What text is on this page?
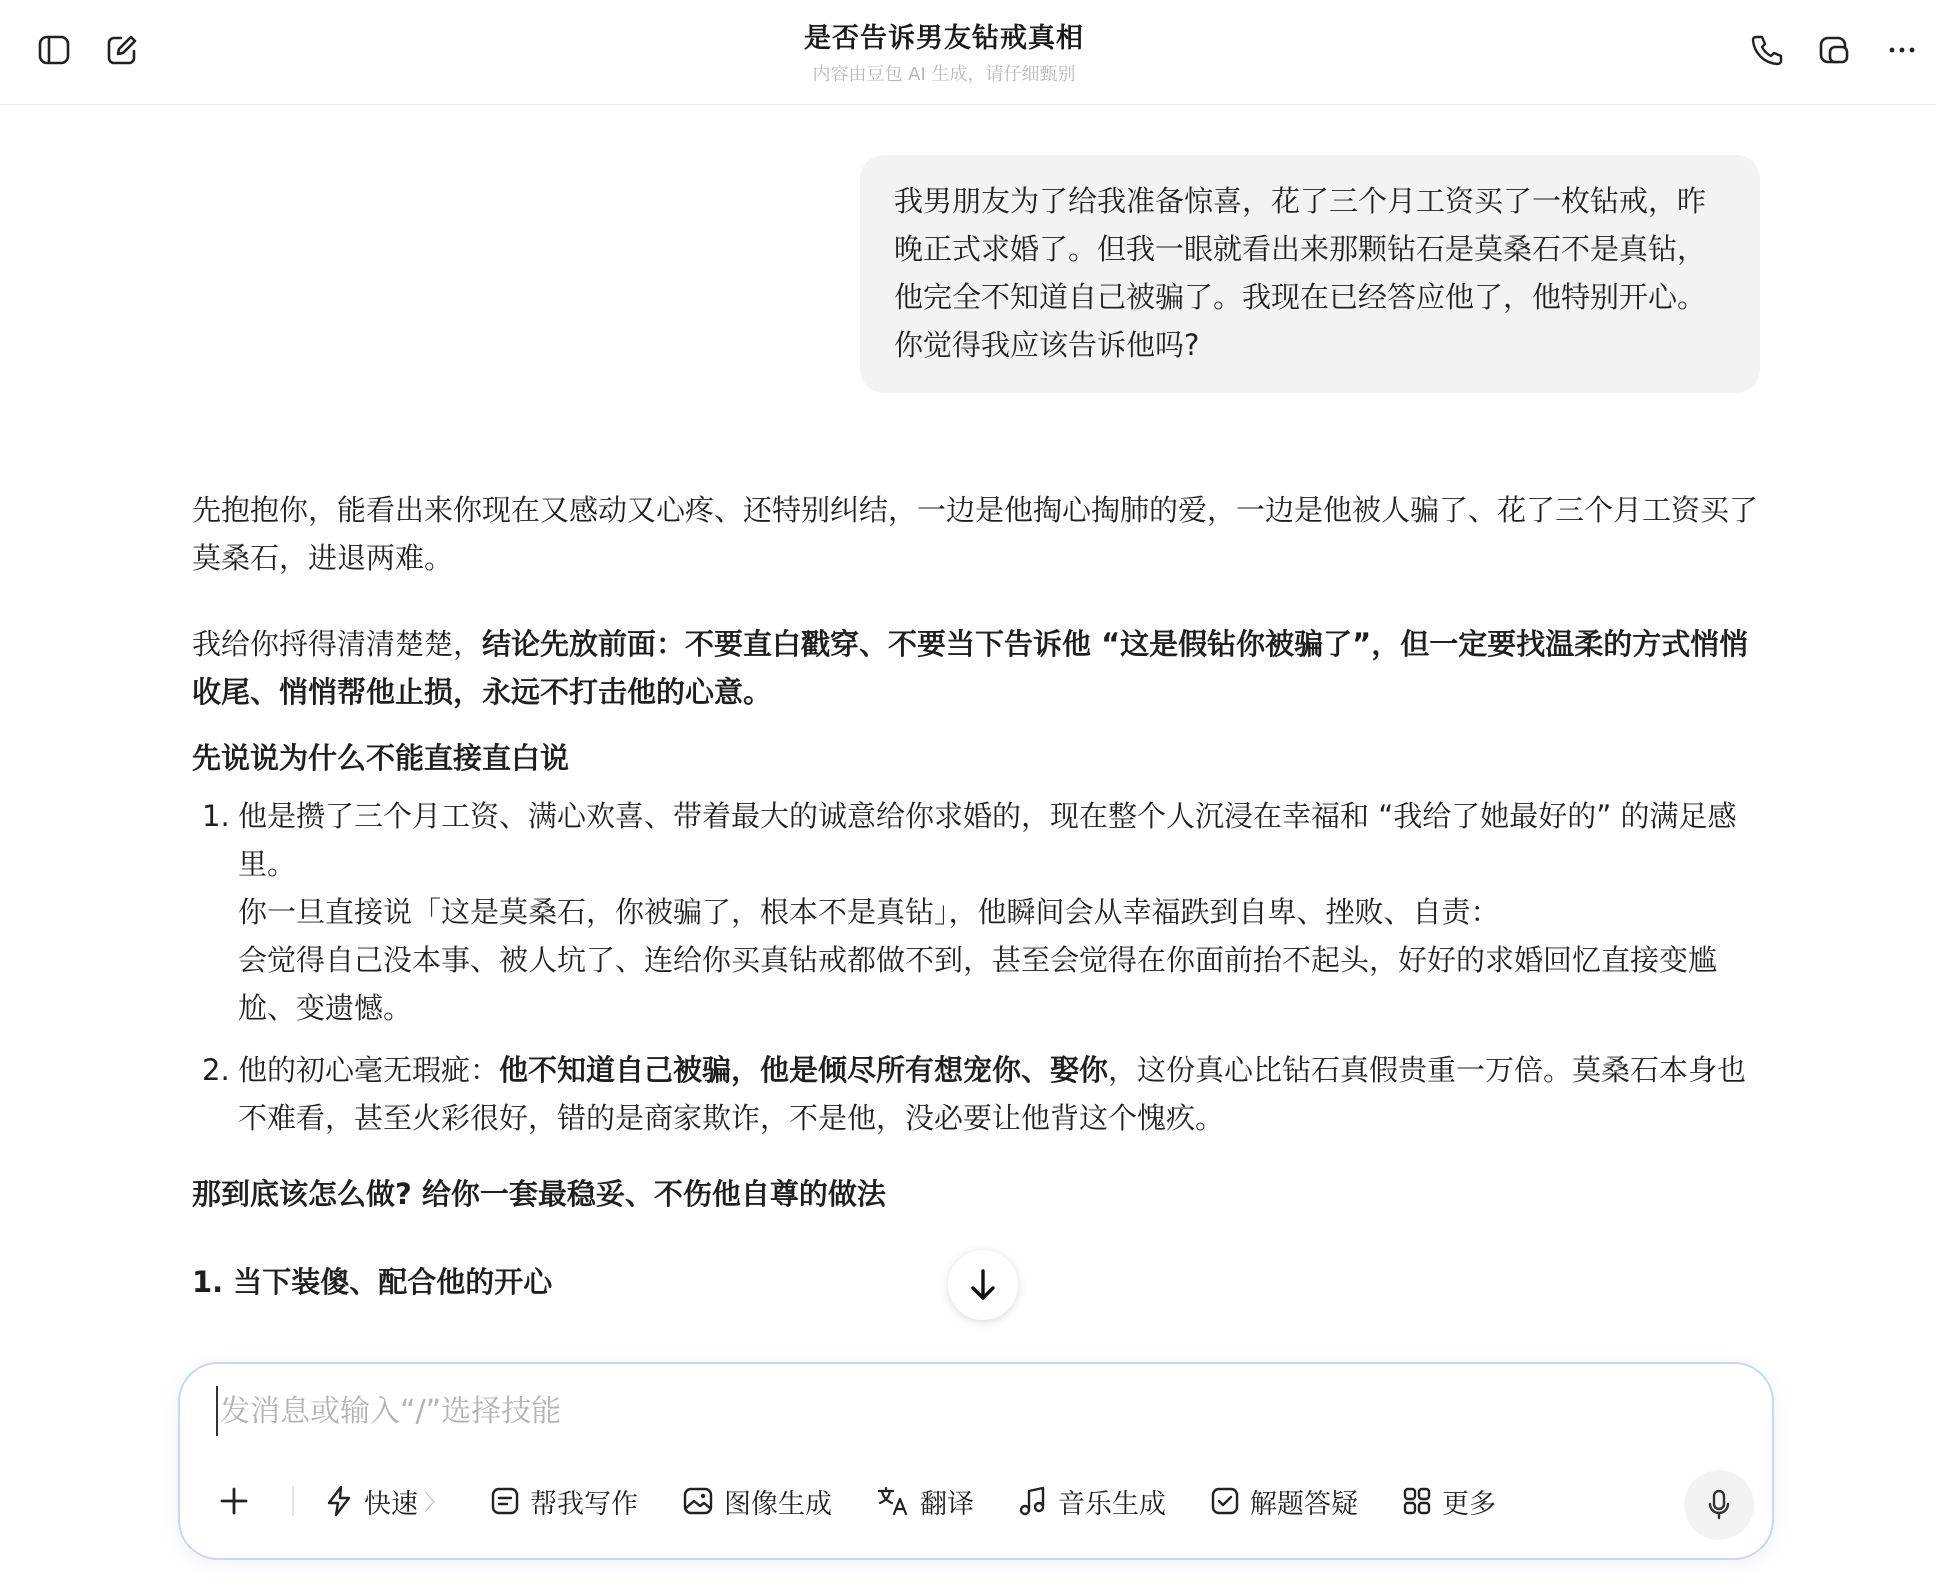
是否告诉男友钻戒真相
内容由豆包 AI 生成，请仔细甄别
我男朋友为了给我准备惊喜，花了三个月工资买了一枚钻戒，昨晚正式求婚了。但我一眼就看出来那颗钻石是莫桑石不是真钻，他完全不知道自己被骗了。我现在已经答应他了，他特别开心。你觉得我应该告诉他吗?

先抱抱你，能看出来你现在又感动又心疼、还特别纠结，一边是他掏心掏肺的爱，一边是他被人骗了、花了三个月工资买了莫桑石，进退两难。

我给你捋得清清楚楚，结论先放前面：不要直白戳穿、不要当下告诉他 “这是假钻你被骗了”，但一定要找温柔的方式悄悄收尾、悄悄帮他止损，永远不打击他的心意。

先说说为什么不能直接直白说

1. 他是攒了三个月工资、满心欢喜、带着最大的诚意给你求婚的，现在整个人沉浸在幸福和 “我给了她最好的” 的满足感里。
你一旦直接说「这是莫桑石，你被骗了，根本不是真钻」，他瞬间会从幸福跌到自卑、挫败、自责：
会觉得自己没本事、被人坑了、连给你买真钻戒都做不到，甚至会觉得在你面前抬不起头，好好的求婚回忆直接变尴尬、变遗憾。
2. 他的初心毫无瑕疵：他不知道自己被骗，他是倾尽所有想宠你、娶你，这份真心比钻石真假贵重一万倍。莫桑石本身也不难看，甚至火彩很好，错的是商家欺诈，不是他，没必要让他背这个愧疚。

那到底该怎么做? 给你一套最稳妥、不伤他自尊的做法

1. 当下装傻、配合他的开心

发消息或输入“/”选择技能
快速 〉	帮我写作	图像生成	翻译	音乐生成	解题答疑	更多
